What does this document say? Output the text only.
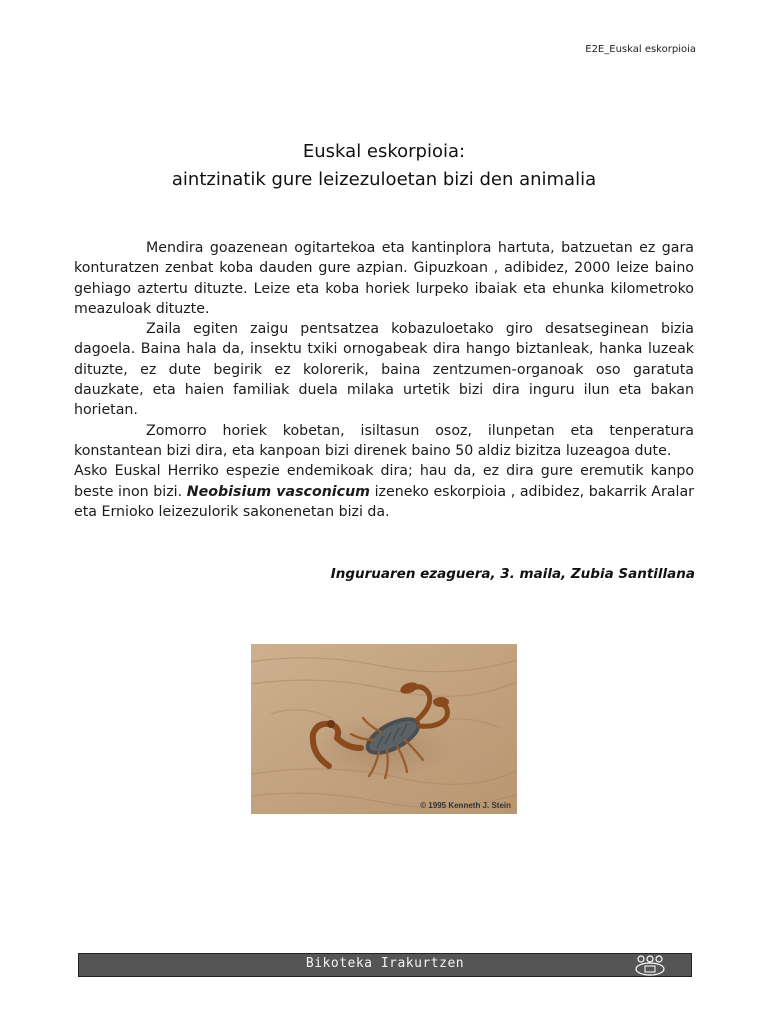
E2E_Euskal eskorpioia
Euskal eskorpioia:
aintzinatik gure leizezuloetan bizi den animalia

Mendira goazenean ogitartekoa eta kantinplora hartuta, batzuetan ez gara konturatzen zenbat koba dauden gure azpian. Gipuzkoan , adibidez, 2000 leize baino gehiago aztertu dituzte. Leize eta koba horiek lurpeko ibaiak eta ehunka kilometroko meazuloak dituzte.

Zaila egiten zaigu pentsatzea kobazuloetako giro desatseginean bizia dagoela. Baina hala da, insektu txiki ornogabeak dira hango biztanleak, hanka luzeak dituzte, ez dute begirik ez kolorerik, baina zentzumen-organoak oso garatuta dauzkate, eta haien familiak duela milaka urtetik bizi dira inguru ilun eta bakan horietan.

Zomorro horiek kobetan, isiltasun osoz, ilunpetan eta tenperatura konstantean bizi dira, eta kanpoan bizi direnek baino 50 aldiz bizitza luzeagoa dute.

Asko Euskal Herriko espezie endemikoak dira; hau da, ez dira gure eremutik kanpo beste inon bizi. Neobisium vasconicum izeneko eskorpioia , adibidez, bakarrik Aralar eta Ernioko leizezulorik sakonenetan bizi da.

Inguruaren ezaguera, 3. maila, Zubia Santillana
© 1995 Kenneth J. Stein
Bikoteka Irakurtzen
